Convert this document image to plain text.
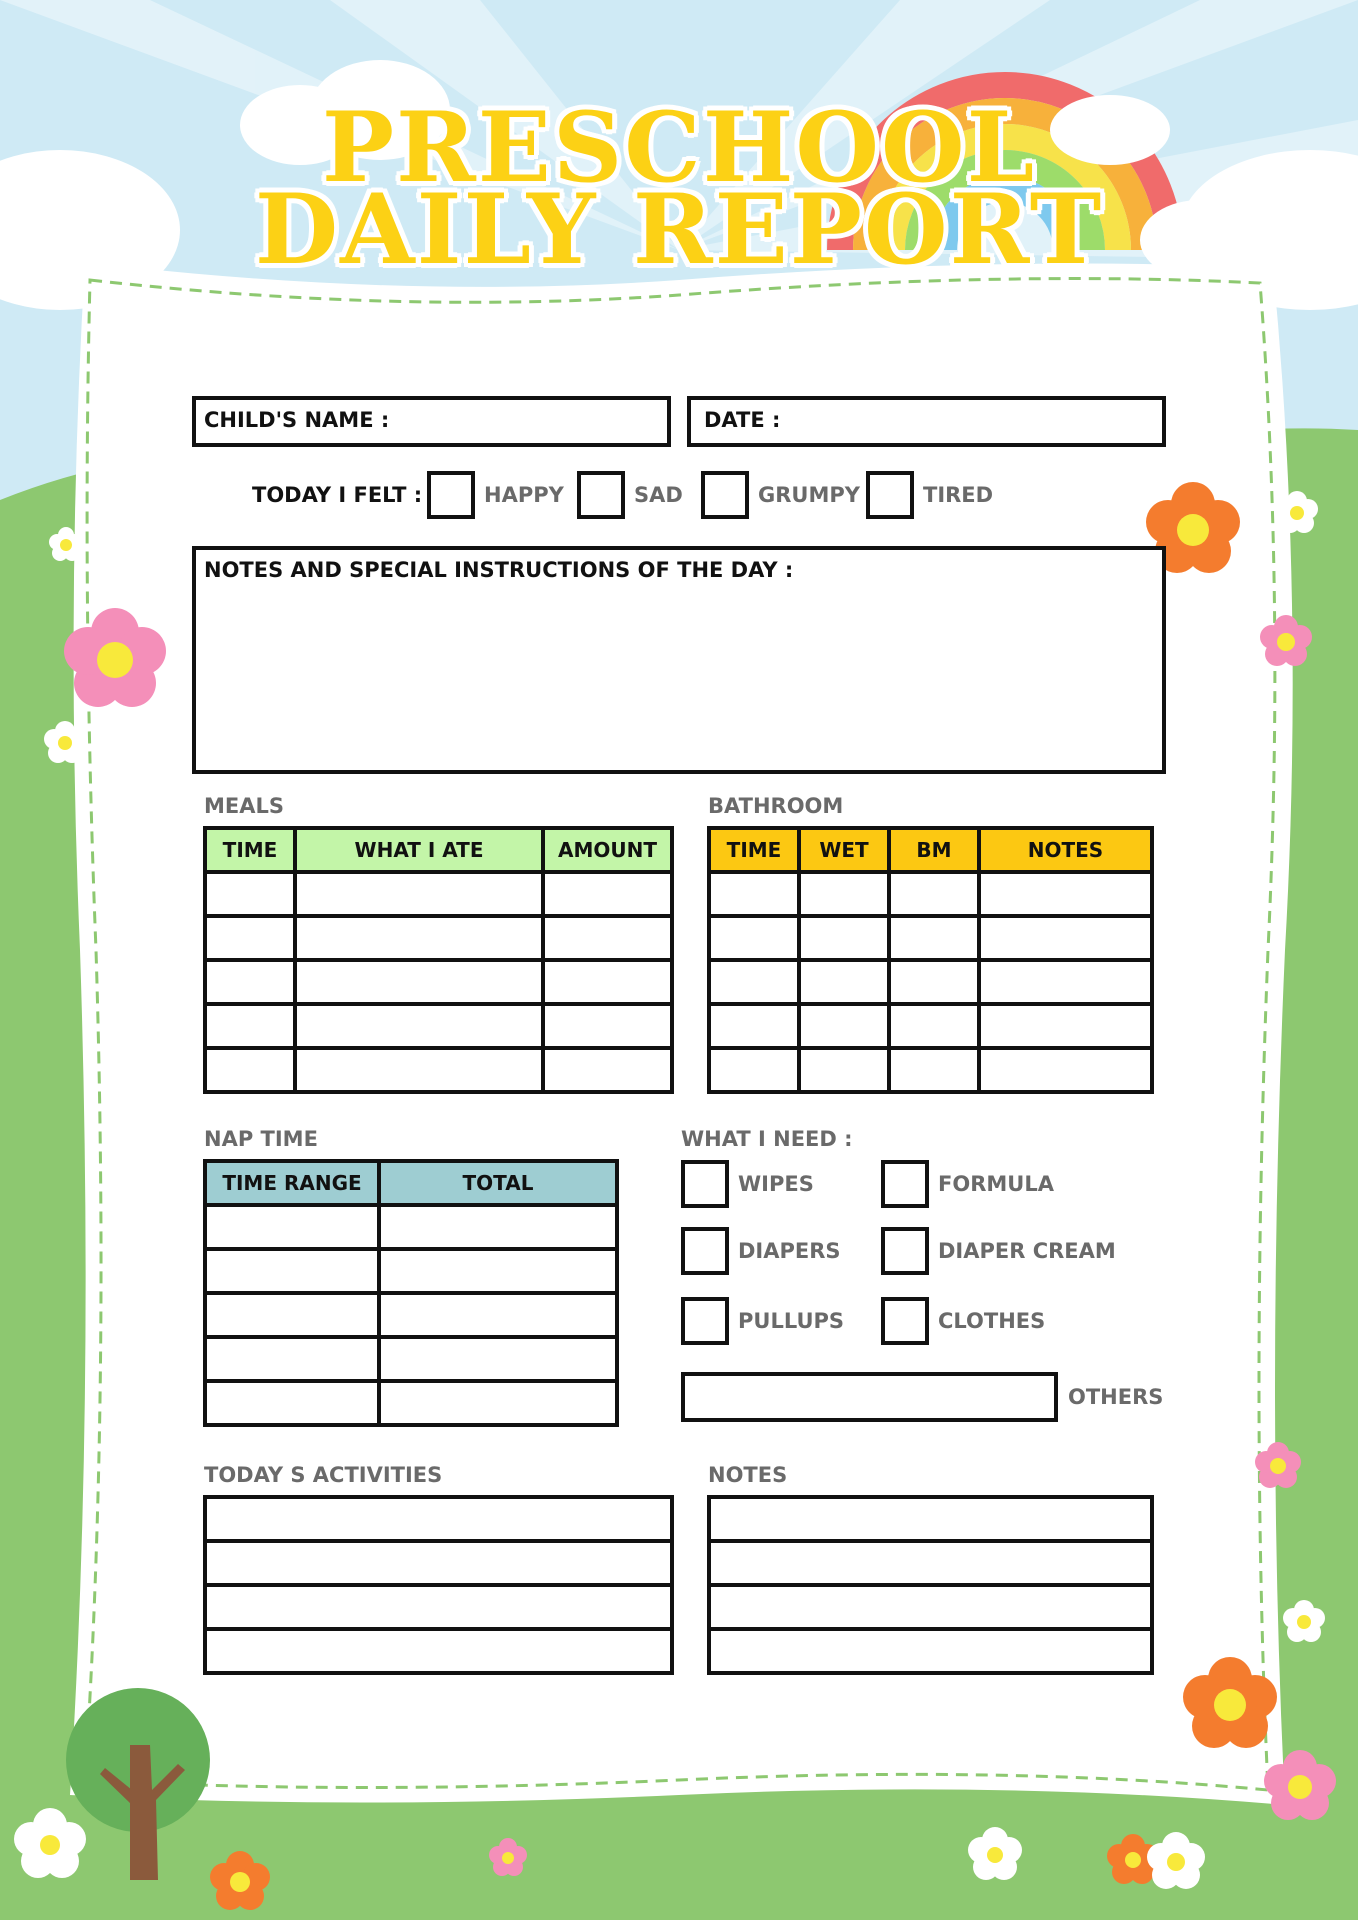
PRESCHOOL
DAILY REPORT
CHILD'S NAME :	DATE :
TODAY I FELT :	HAPPY	SAD	GRUMPY	TIRED
NOTES AND SPECIAL INSTRUCTIONS OF THE DAY :
MEALS
TIME	WHAT I ATE	AMOUNT

BATHROOM
TIME	WET	BM	NOTES

NAP TIME
TIME RANGE	TOTAL

WHAT I NEED :
WIPES	FORMULA
DIAPERS	DIAPER CREAM
PULLUPS	CLOTHES
OTHERS
TODAY S ACTIVITIES	NOTES
